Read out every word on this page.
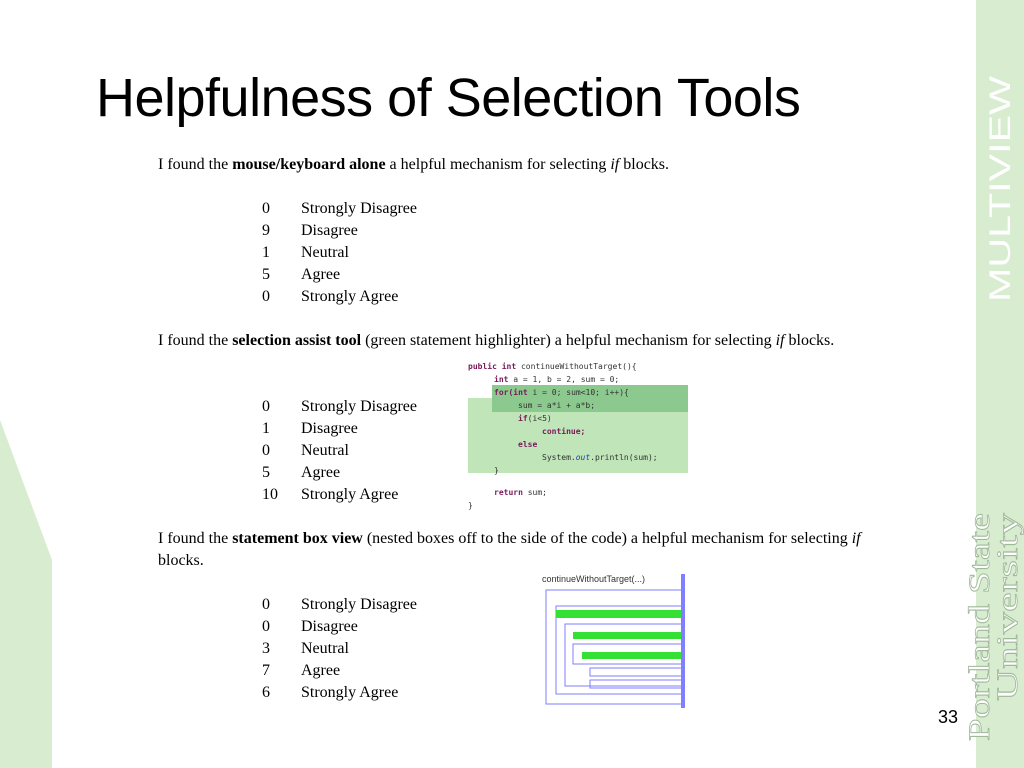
MULTIVIEW
Portland State
University
Helpfulness of Selection Tools
I found the mouse/keyboard alone a helpful mechanism for selecting if blocks.
0	Strongly Disagree
9	Disagree
1	Neutral
5	Agree
0	Strongly Agree
I found the selection assist tool (green statement highlighter) a helpful mechanism for selecting if blocks.
0	Strongly Disagree
1	Disagree
0	Neutral
5	Agree
10	Strongly Agree
public int continueWithoutTarget(){
int a = 1, b = 2, sum = 0;
for(int i = 0; sum<10; i++){
sum = a*i + a*b;
if(i<5)
continue;
else
System.out.println(sum);
}
return sum;
}
I found the statement box view (nested boxes off to the side of the code) a helpful mechanism for selecting if blocks.
0	Strongly Disagree
0	Disagree
3	Neutral
7	Agree
6	Strongly Agree
continueWithoutTarget(...)
33
